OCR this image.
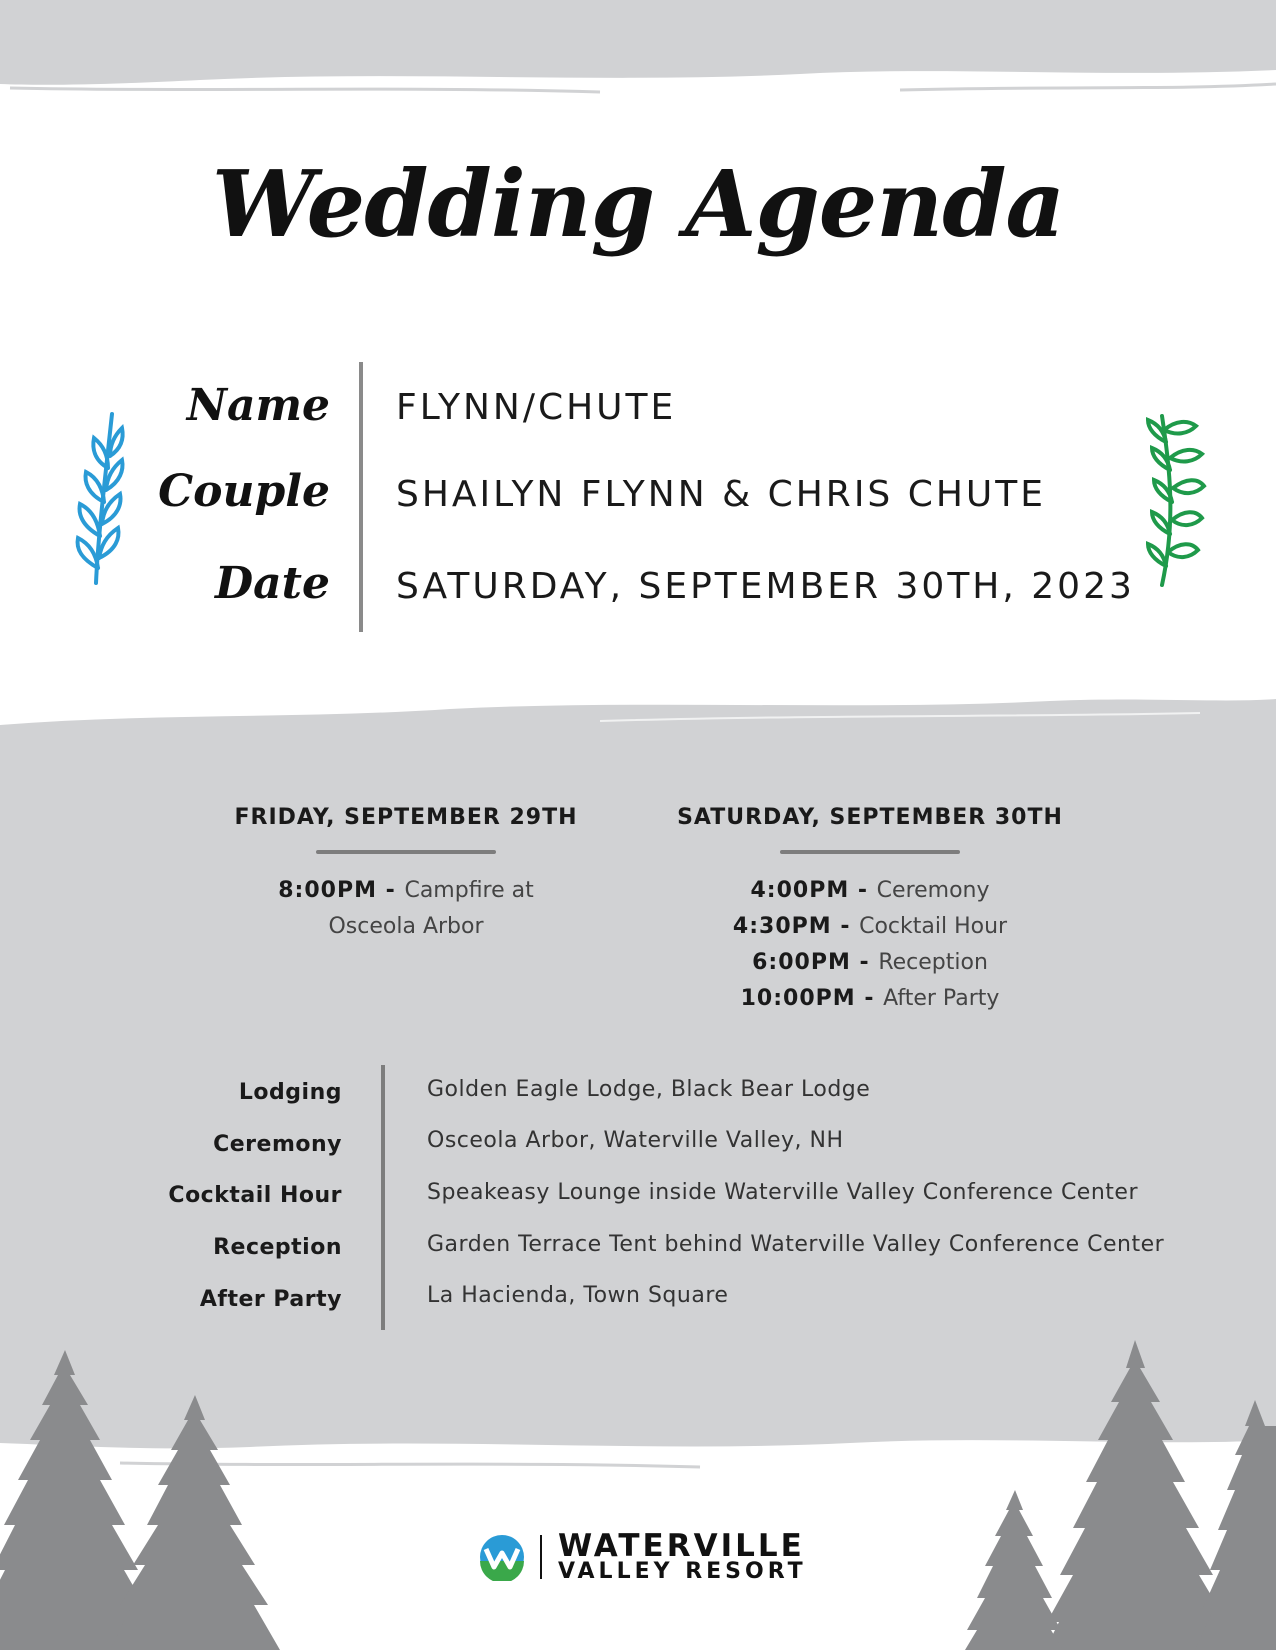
Wedding Agenda
Name FLYNN/CHUTE
Couple SHAILYN FLYNN & CHRIS CHUTE
Date SATURDAY, SEPTEMBER 30TH, 2023
FRIDAY, SEPTEMBER 29TH
8:00PM - Campfire at
Osceola Arbor
SATURDAY, SEPTEMBER 30TH
4:00PM - Ceremony
4:30PM - Cocktail Hour
6:00PM - Reception
10:00PM - After Party
Lodging	Golden Eagle Lodge, Black Bear Lodge
Ceremony	Osceola Arbor, Waterville Valley, NH
Cocktail Hour	Speakeasy Lounge inside Waterville Valley Conference Center
Reception	Garden Terrace Tent behind Waterville Valley Conference Center
After Party	La Hacienda, Town Square
WATERVILLE
VALLEY RESORT
